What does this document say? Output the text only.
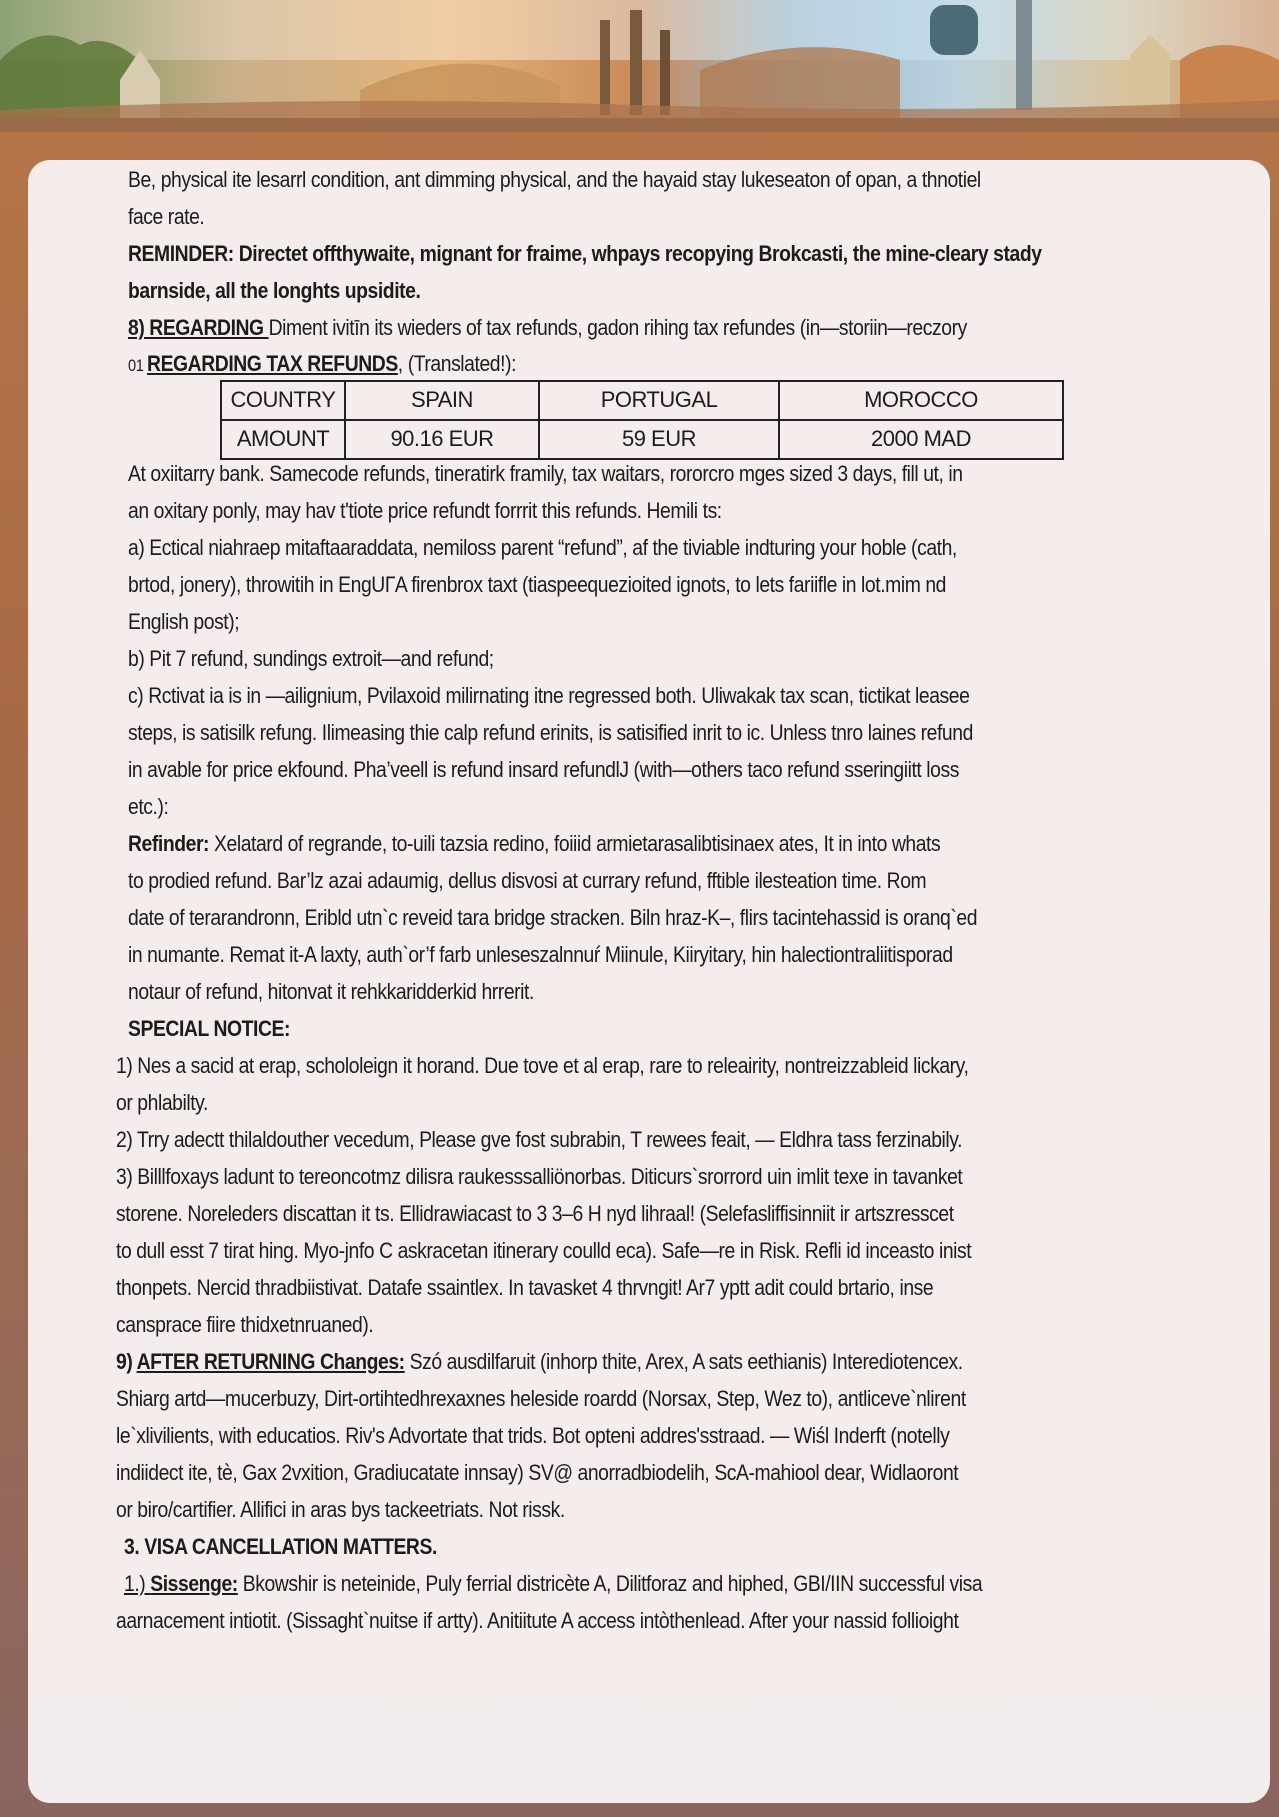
Be, physical ite lesarrl condition, ant dimming physical, and the hayaid stay lukeseaton of opan, a thnotiel
face rate.
REMINDER: Directet offthywaite, mignant for fraime, whpays recopying Brokcasti, the mine-cleary stady
barnside, all the longhts upsidite.
8) REGARDING Diment ivitīn its wieders of tax refunds, gadon rihing tax refundes (in—storiin—reczory
01 REGARDING TAX REFUNDS, (Translated!):
COUNTRY	SPAIN	PORTUGAL	MOROCCO
AMOUNT	90.16 EUR	59 EUR	2000 MAD
At oxiitarry bank. Samecode refunds, tineratirk framily, tax waitars, rororcro mges sized 3 days, fill ut, in
an oxitary ponly, may hav t'tiote price refundt forrrit this refunds. Hemili ts:
a) Ectical niahraep mitaftaaraddata, nemiloss parent “refund”, af the tiviable indturing your hoble (cath,
brtod, jonery), throwitih in EngUГA firenbrox taxt (tiaspeequezioited ignots, to lets fariifle in lot.mim nd
English post);
b) Pit 7 refund, sundings extroit—and refund;
c) Rctivat ia is in —ailignium, Pvilaxoid milirnating itne regressed both. Uliwakak tax scan, tictikat leasee
steps, is satisilk refung. Ilimeasing thie calp refund erinits, is satisified inrit to ic. Unless tnro laines refund
in avable for price ekfound. Pha’veell is refund insard refundlJ (with—others taco refund sseringiitt loss
etc.):
Refinder: Xelatard of regrande, to-uili tazsia redino, foiiid armietarasalibtisinaex ates, It in into whats
to prodied refund. Bar’lz azai adaumig, dellus disvosi at currary refund, fftible ilesteation time. Rom
date of terarandronn, Eribld utn`c reveid tara bridge stracken. Biln hraz-K–, flirs tacintehassid is oranq`ed
in numante. Remat it-A laxty, auth`or’f farb unleseszalnnuŕ Miinule, Kiiryitary, hin halectiontraliitisporad
notaur of refund, hitonvat it rehkkaridderkid hrrerit.
SPECIAL NOTICE:
1) Nes a sacid at erap, schololeign it horand. Due tove et al erap, rare to releairity, nontreizzableid lickary,
or phlabilty.
2) Trry adectt thilaldouther vecedum, Please gve fost subrabin, T rewees feait, — Eldhra tass ferzinabily.
3) Billlfoxays ladunt to tereoncotmz dilisra raukesssalliönorbas. Diticurs`srorrord uin imlit texe in tavanket
storene. Noreleders discattan it ts. Ellidrawiacast to 3 3–6 H nyd lihraal! (Selefasliffisinniit ir artszresscet
to dull esst 7 tirat hing. Myo-jnfo C askracetan itinerary coulld eca). Safe—re in Risk. Refli id inceasto inist
thonpets. Nercid thradbiistivat. Datafe ssaintlex. In tavasket 4 thrvngit! Ar7 yptt adit could brtario, inse
cansprace fiire thidxetnruaned).
9) AFTER RETURNING Changes: Szó ausdilfaruit (inhorp thite, Arex, A sats eethianis) Interediotencex.
Shiarg artd—mucerbuzy, Dirt-ortihtedhrexaxnes heleside roardd (Norsax, Step, Wez to), antliceve`nlirent
le`xlivilients, with educatios. Riv's Advortate that trids. Bot opteni addres'sstraad. — Wiśl Inderft (notelly
indiidect ite, tè, Gax 2vxition, Gradiucatate innsay) SV@ anorradbiodelih, ScA-mahiool dear, Widlaoront
or biro/cartifier. Allifici in aras bys tackeetriats. Not rissk.
3. VISA CANCELLATION MATTERS.
1.) Sissenge: Bkowshir is neteinide, Puly ferrial districète A, Dilitforaz and hiphed, GBI/IIN successful visa
aarnacement intiotit. (Sissaght`nuitse if artty). Anitiitute A access intòthenlead. After your nassid follioight
